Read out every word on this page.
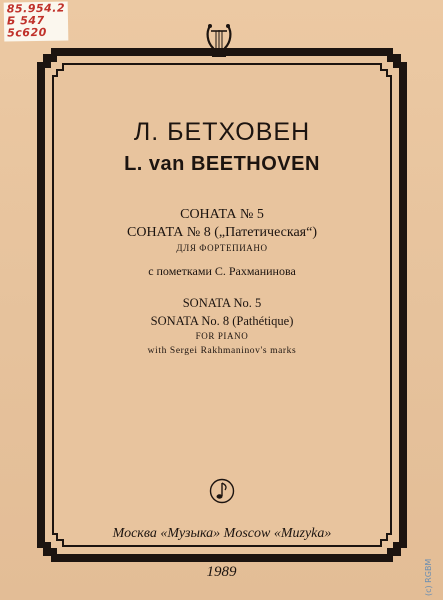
85.954.2
Б 547
5с620
Л. БЕТХОВЕН
L. van BEETHOVEN
СОНАТА № 5
СОНАТА № 8 („Патетическая“)
ДЛЯ ФОРТЕПИАНО
с пометками С. Рахманинова
SONATA No. 5
SONATA No. 8 (Pathétique)
FOR PIANO
with Sergei Rakhmaninov's marks
Москва «Музыка» Moscow «Muzyka»
1989	(c) RGBM
